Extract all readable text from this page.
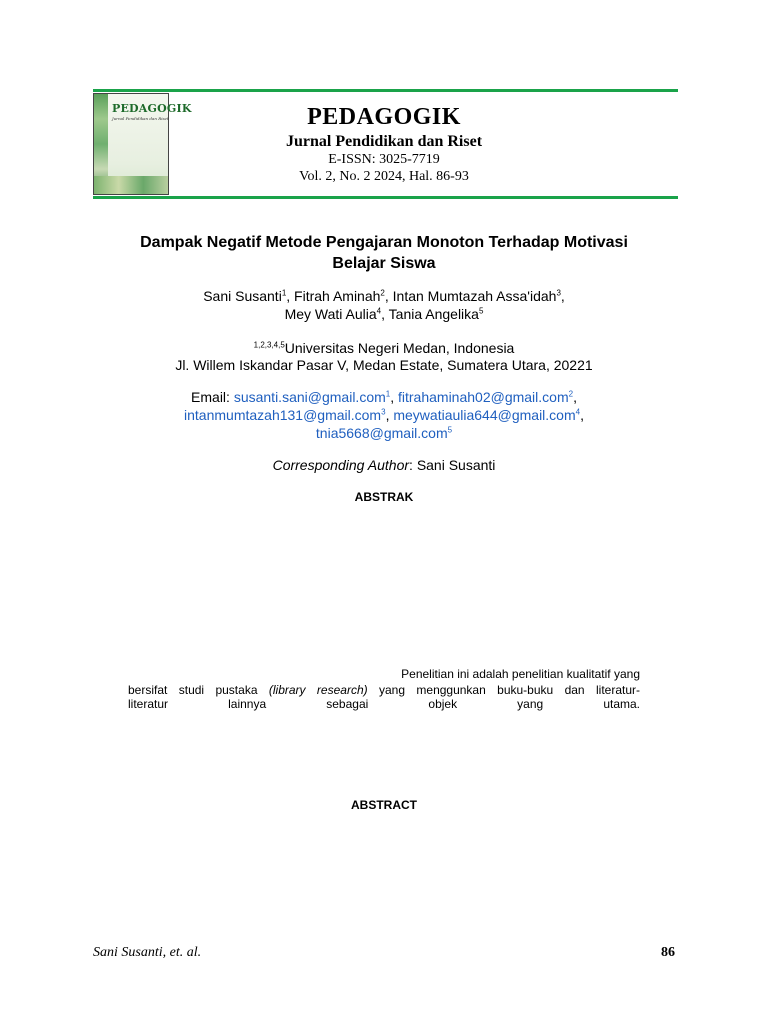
PEDAGOGIK
Jurnal Pendidikan dan Riset	PEDAGOGIK
Jurnal Pendidikan dan Riset
E-ISSN: 3025-7719
Vol. 2, No. 2 2024, Hal. 86-93
Dampak Negatif Metode Pengajaran Monoton Terhadap Motivasi
Belajar Siswa
Sani Susanti$^1$, Fitrah Aminah$^2$, Intan Mumtazah Assa'idah$^3$,
Mey Wati Aulia$^4$, Tania Angelika$^5$
$^{1,2,3,4,5}$Universitas Negeri Medan, Indonesia
Jl. Willem Iskandar Pasar V, Medan Estate, Sumatera Utara, 20221
Email: susanti.sani@gmail.com$^1$, fitrahaminah02@gmail.com$^2$,
intanmumtazah131@gmail.com$^3$, meywatiaulia644@gmail.com$^4$,
tnia5668@gmail.com$^5$
Corresponding Author: Sani Susanti
ABSTRAK
Penelitian ini adalah penelitian kualitatif yang
bersifat studi pustaka (library research) yang menggunkan buku-buku dan literatur-
literatur lainnya sebagai objek yang utama.
ABSTRACT
Sani Susanti, et. al.	86
